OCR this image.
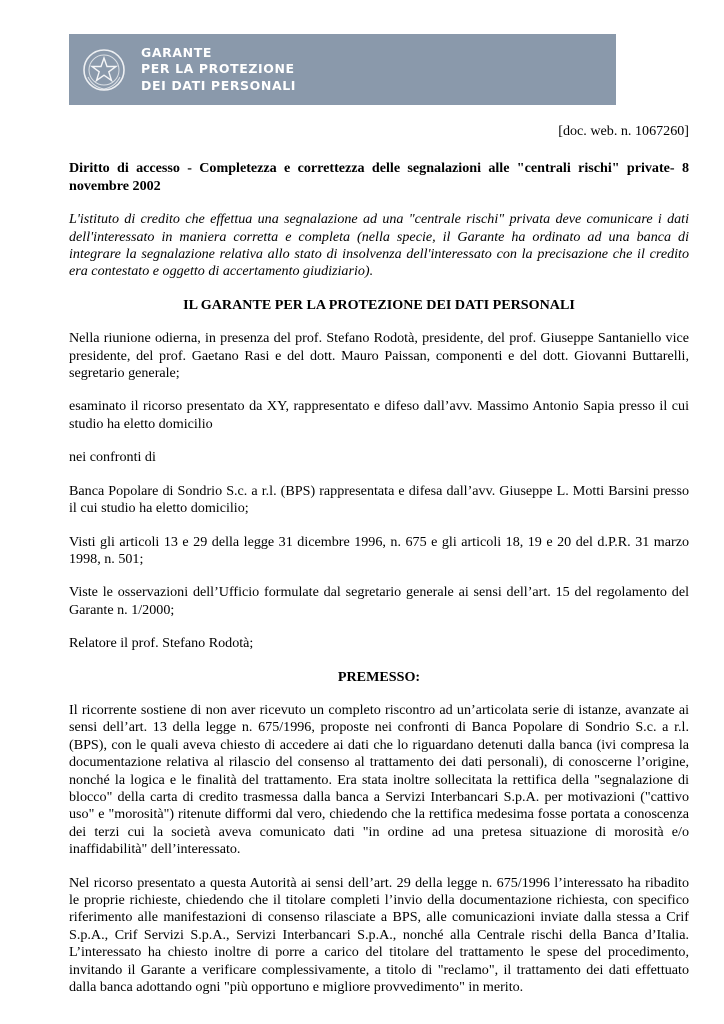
GARANTE
PER LA PROTEZIONE
DEI DATI PERSONALI

[doc. web. n. 1067260]

Diritto di accesso - Completezza e correttezza delle segnalazioni alle "centrali rischi" private- 8 novembre 2002

L'istituto di credito che effettua una segnalazione ad una "centrale rischi" privata deve comunicare i dati dell'interessato in maniera corretta e completa (nella specie, il Garante ha ordinato ad una banca di integrare la segnalazione relativa allo stato di insolvenza dell'interessato con la precisazione che il credito era contestato e oggetto di accertamento giudiziario).

IL GARANTE PER LA PROTEZIONE DEI DATI PERSONALI

Nella riunione odierna, in presenza del prof. Stefano Rodotà, presidente, del prof. Giuseppe Santaniello vice presidente, del prof. Gaetano Rasi e del dott. Mauro Paissan, componenti e del dott. Giovanni Buttarelli, segretario generale;

esaminato il ricorso presentato da XY, rappresentato e difeso dall’avv. Massimo Antonio Sapia presso il cui studio ha eletto domicilio

nei confronti di

Banca Popolare di Sondrio S.c. a r.l. (BPS) rappresentata e difesa dall’avv. Giuseppe L. Motti Barsini presso il cui studio ha eletto domicilio;

Visti gli articoli 13 e 29 della legge 31 dicembre 1996, n. 675 e gli articoli 18, 19 e 20 del d.P.R. 31 marzo 1998, n. 501;

Viste le osservazioni dell’Ufficio formulate dal segretario generale ai sensi dell’art. 15 del regolamento del Garante n. 1/2000;

Relatore il prof. Stefano Rodotà;

PREMESSO:

Il ricorrente sostiene di non aver ricevuto un completo riscontro ad un’articolata serie di istanze, avanzate ai sensi dell’art. 13 della legge n. 675/1996, proposte nei confronti di Banca Popolare di Sondrio S.c. a r.l. (BPS), con le quali aveva chiesto di accedere ai dati che lo riguardano detenuti dalla banca (ivi compresa la documentazione relativa al rilascio del consenso al trattamento dei dati personali), di conoscerne l’origine, nonché la logica e le finalità del trattamento. Era stata inoltre sollecitata la rettifica della "segnalazione di blocco" della carta di credito trasmessa dalla banca a Servizi Interbancari S.p.A. per motivazioni ("cattivo uso" e "morosità") ritenute difformi dal vero, chiedendo che la rettifica medesima fosse portata a conoscenza dei terzi cui la società aveva comunicato dati "in ordine ad una pretesa situazione di morosità e/o inaffidabilità" dell’interessato.

Nel ricorso presentato a questa Autorità ai sensi dell’art. 29 della legge n. 675/1996 l’interessato ha ribadito le proprie richieste, chiedendo che il titolare completi l’invio della documentazione richiesta, con specifico riferimento alle manifestazioni di consenso rilasciate a BPS, alle comunicazioni inviate dalla stessa a Crif S.p.A., Crif Servizi S.p.A., Servizi Interbancari S.p.A., nonché alla Centrale rischi della Banca d’Italia. L’interessato ha chiesto inoltre di porre a carico del titolare del trattamento le spese del procedimento, invitando il Garante a verificare complessivamente, a titolo di "reclamo", il trattamento dei dati effettuato dalla banca adottando ogni "più opportuno e migliore provvedimento" in merito.
